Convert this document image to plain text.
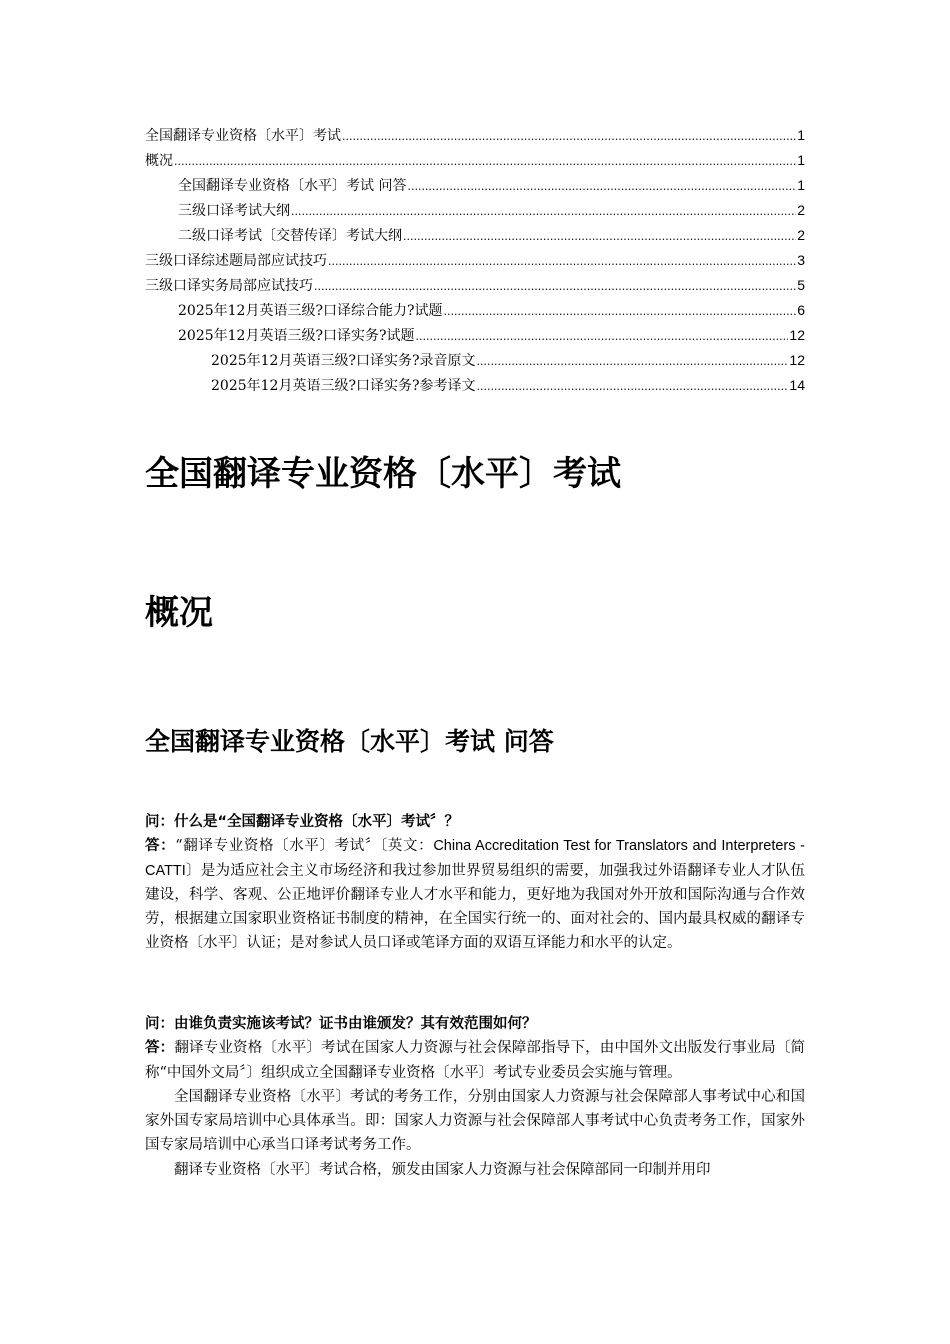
全国翻译专业资格〔水平〕考试 .....	1
概况 .....	1
全国翻译专业资格〔水平〕考试 问答 .....	1
三级口译考试大纲 .....	2
二级口译考试〔交替传译〕考试大纲 .....	2
三级口译综述题局部应试技巧 .....	3
三级口译实务局部应试技巧 .....	5
2025年12月英语三级?口译综合能力?试题 .....	6
2025年12月英语三级?口译实务?试题 .....	12
2025年12月英语三级?口译实务?录音原文 .....	12
2025年12月英语三级?口译实务?参考译文 .....	14
全国翻译专业资格〔水平〕考试
概况
全国翻译专业资格〔水平〕考试 问答
问：什么是“全国翻译专业资格〔水平〕考试〞？
答：“翻译专业资格〔水平〕考试〞〔英文：China Accreditation Test for Translators and Interpreters - CATTI〕是为适应社会主义市场经济和我过参加世界贸易组织的需要，加强我过外语翻译专业人才队伍建设，科学、客观、公正地评价翻译专业人才水平和能力，更好地为我国对外开放和国际沟通与合作效劳，根据建立国家职业资格证书制度的精神，在全国实行统一的、面对社会的、国内最具权威的翻译专业资格〔水平〕认证；是对参试人员口译或笔译方面的双语互译能力和水平的认定。
问：由谁负责实施该考试？证书由谁颁发？其有效范围如何？
答：翻译专业资格〔水平〕考试在国家人力资源与社会保障部指导下，由中国外文出版发行事业局〔简称“中国外文局〞〕组织成立全国翻译专业资格〔水平〕考试专业委员会实施与管理。
全国翻译专业资格〔水平〕考试的考务工作，分别由国家人力资源与社会保障部人事考试中心和国家外国专家局培训中心具体承当。即：国家人力资源与社会保障部人事考试中心负责考务工作，国家外国专家局培训中心承当口译考试考务工作。
翻译专业资格〔水平〕考试合格，颁发由国家人力资源与社会保障部同一印制并用印
